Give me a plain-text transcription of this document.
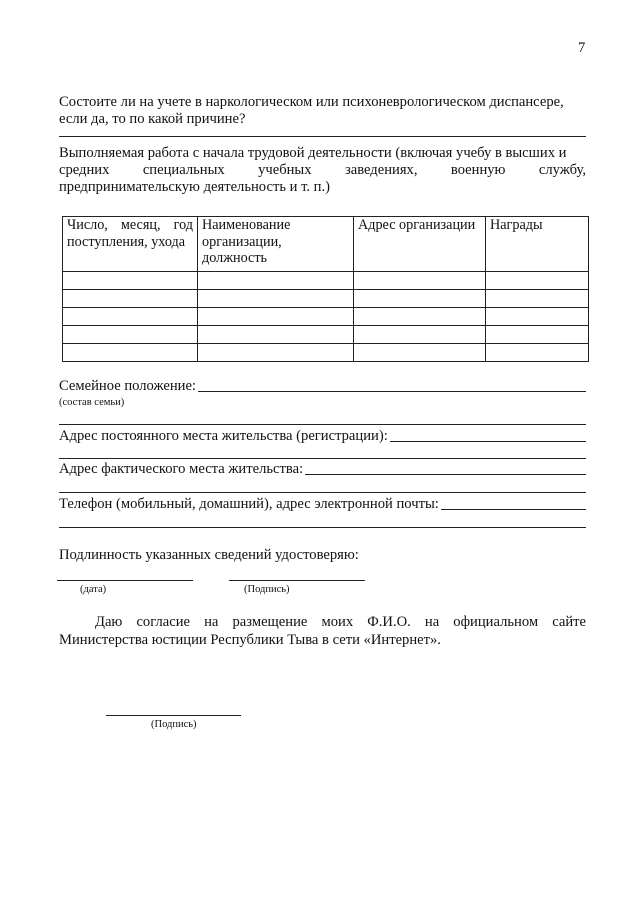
7
Состоите ли на учете в наркологическом или психоневрологическом диспансере,
если да, то по какой причине?
Выполняемая работа с начала трудовой деятельности (включая учебу в высших и
средних специальных учебных заведениях, военную службу,
предпринимательскую деятельность и т. п.)
Число, месяц, год поступления, ухода	Наименование организации, должность	Адрес организации	Награды

Семейное положение:
(состав семьи)
Адрес постоянного места жительства (регистрации):
Адрес фактического места жительства:
Телефон (мобильный, домашний), адрес электронной почты:
Подлинность указанных сведений удостоверяю:
(дата)	(Подпись)
Даю согласие на размещение моих Ф.И.О. на официальном сайте
Министерства юстиции Республики Тыва в сети «Интернет».
(Подпись)
